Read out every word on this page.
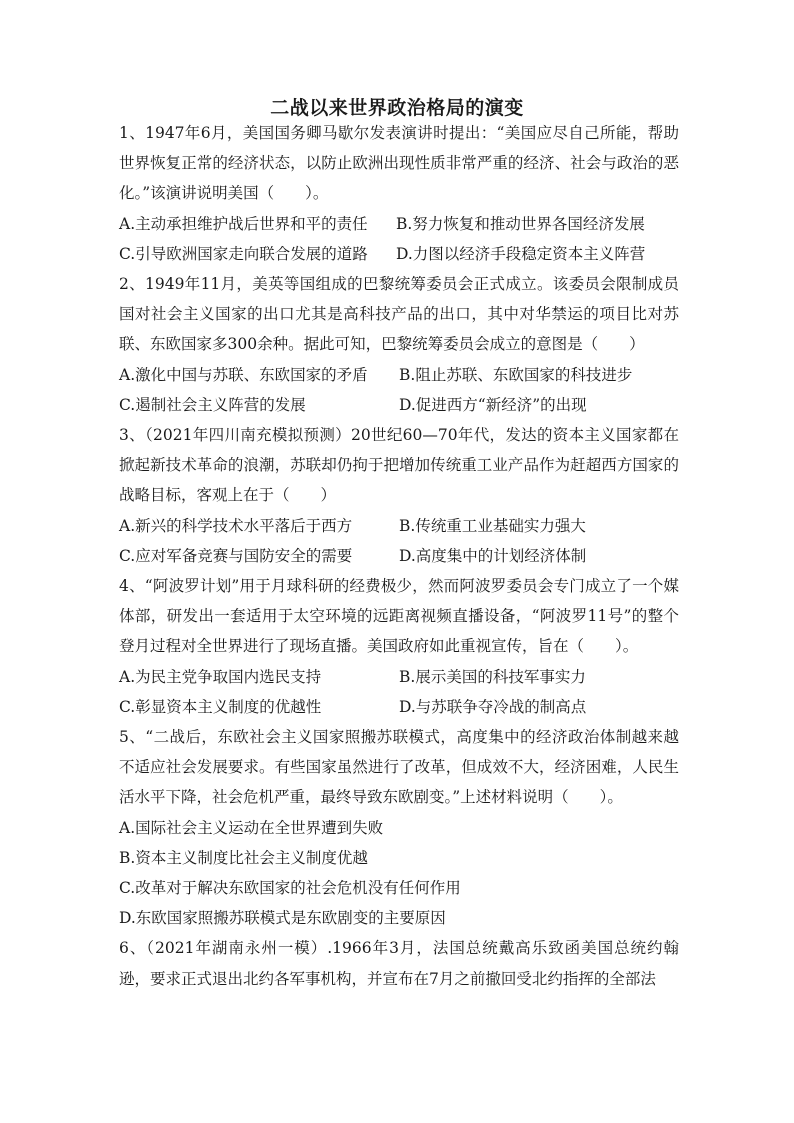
二战以来世界政治格局的演变

1、1947年6月，美国国务卿马歇尔发表演讲时提出：“美国应尽自己所能，帮助世界恢复正常的经济状态，以防止欧洲出现性质非常严重的经济、社会与政治的恶化。”该演讲说明美国（　　）。

A.主动承担维护战后世界和平的责任	B.努力恢复和推动世界各国经济发展
C.引导欧洲国家走向联合发展的道路	D.力图以经济手段稳定资本主义阵营

2、1949年11月，美英等国组成的巴黎统筹委员会正式成立。该委员会限制成员国对社会主义国家的出口尤其是高科技产品的出口，其中对华禁运的项目比对苏联、东欧国家多300余种。据此可知，巴黎统筹委员会成立的意图是（　　）

A.激化中国与苏联、东欧国家的矛盾	B.阻止苏联、东欧国家的科技进步
C.遏制社会主义阵营的发展	D.促进西方“新经济”的出现

3、（2021年四川南充模拟预测）20世纪60—70年代，发达的资本主义国家都在掀起新技术革命的浪潮，苏联却仍拘于把增加传统重工业产品作为赶超西方国家的战略目标，客观上在于（　　）

A.新兴的科学技术水平落后于西方	B.传统重工业基础实力强大
C.应对军备竞赛与国防安全的需要	D.高度集中的计划经济体制

4、“阿波罗计划”用于月球科研的经费极少，然而阿波罗委员会专门成立了一个媒体部，研发出一套适用于太空环境的远距离视频直播设备，“阿波罗11号”的整个登月过程对全世界进行了现场直播。美国政府如此重视宣传，旨在（　　）。

A.为民主党争取国内选民支持	B.展示美国的科技军事实力
C.彰显资本主义制度的优越性	D.与苏联争夺冷战的制高点

5、“二战后，东欧社会主义国家照搬苏联模式，高度集中的经济政治体制越来越不适应社会发展要求。有些国家虽然进行了改革，但成效不大，经济困难，人民生活水平下降，社会危机严重，最终导致东欧剧变。”上述材料说明（　　）。

A.国际社会主义运动在全世界遭到失败

B.资本主义制度比社会主义制度优越

C.改革对于解决东欧国家的社会危机没有任何作用

D.东欧国家照搬苏联模式是东欧剧变的主要原因

6、（2021年湖南永州一模）.1966年3月，法国总统戴高乐致函美国总统约翰逊，要求正式退出北约各军事机构，并宣布在7月之前撤回受北约指挥的全部法
